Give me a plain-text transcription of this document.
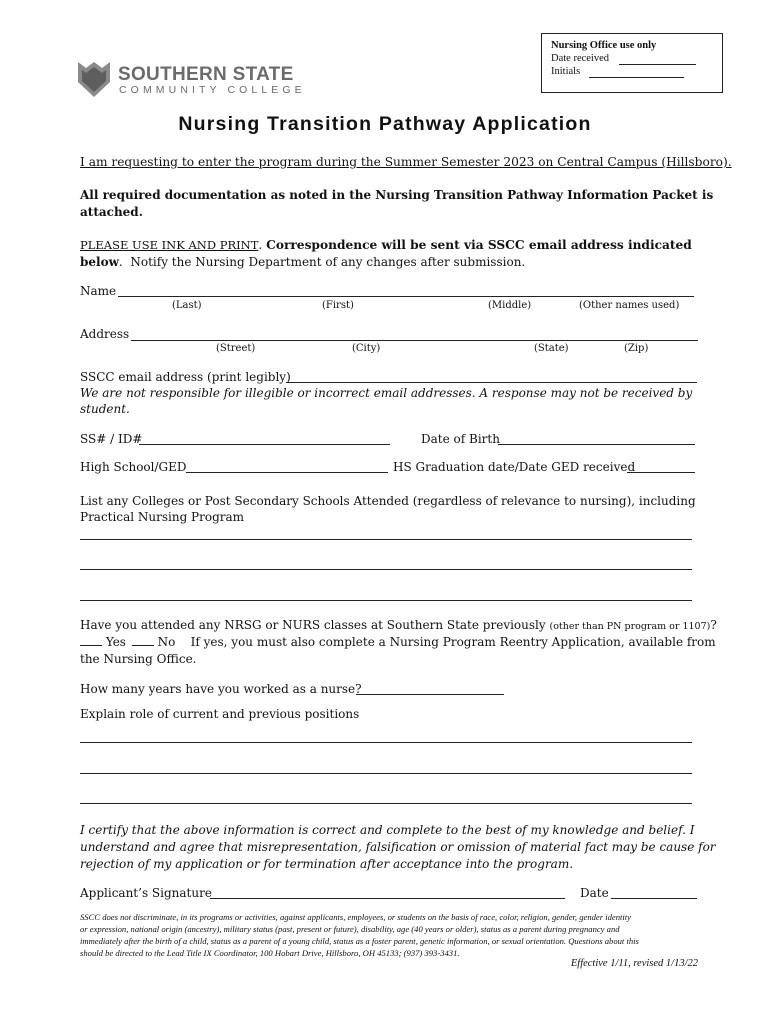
Nursing Office use only
Date received
Initials
SOUTHERN STATE
COMMUNITY COLLEGE
Nursing Transition Pathway Application
I am requesting to enter the program during the Summer Semester 2023 on Central Campus (Hillsboro).
All required documentation as noted in the Nursing Transition Pathway Information Packet is
attached.
PLEASE USE INK AND PRINT. Correspondence will be sent via SSCC email address indicated
below.  Notify the Nursing Department of any changes after submission.
Name
(Last)	(First)	(Middle)	(Other names used)
Address
(Street)	(City)	(State)	(Zip)
SSCC email address (print legibly)
We are not responsible for illegible or incorrect email addresses. A response may not be received by
student.
SS# / ID#	Date of Birth
High School/GED	HS Graduation date/Date GED received
List any Colleges or Post Secondary Schools Attended (regardless of relevance to nursing), including
Practical Nursing Program
Have you attended any NRSG or NURS classes at Southern State previously (other than PN program or 1107)?
Yes	No If yes, you must also complete a Nursing Program Reentry Application, available from
the Nursing Office.
How many years have you worked as a nurse?
Explain role of current and previous positions
I certify that the above information is correct and complete to the best of my knowledge and belief. I
understand and agree that misrepresentation, falsification or omission of material fact may be cause for
rejection of my application or for termination after acceptance into the program.
Applicant’s Signature	Date
SSCC does not discriminate, in its programs or activities, against applicants, employees, or students on the basis of race, color, religion, gender, gender identity
or expression, national origin (ancestry), military status (past, present or future), disability, age (40 years or older), status as a parent during pregnancy and
immediately after the birth of a child, status as a parent of a young child, status as a foster parent, genetic information, or sexual orientation. Questions about this
should be directed to the Lead Title IX Coordinator, 100 Hobart Drive, Hillsboro, OH 45133; (937) 393-3431.
Effective 1/11, revised 1/13/22
